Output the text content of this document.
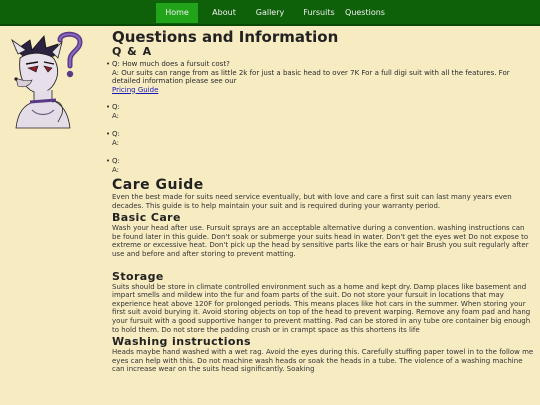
Home	About	Gallery	Fursuits	Questions
Questions and Information
Q & A
• Q: How much does a fursuit cost?
A: Our suits can range from as little 2k for just a basic head to over 7K For a full digi suit with all the features. For detailed information please see our
Pricing Guide
• Q:
A:
• Q:
A:
• Q:
A:
Care Guide

Even the best made for suits need service eventually, but with love and care a first suit can last many years even decades. This guide is to help maintain your suit and is required during your warranty period.

Basic Care

Wash your head after use. Fursuit sprays are an acceptable alternative during a convention. washing instructions can be found later in this guide. Don't soak or submerge your suits head in water. Don't get the eyes wet Do not expose to extreme or excessive heat. Don't pick up the head by sensitive parts like the ears or hair Brush you suit regularly after use and before and after storing to prevent matting.

Storage

Suits should be store in climate controlled environment such as a home and kept dry. Damp places like basement and impart smells and mildew into the fur and foam parts of the suit. Do not store your fursuit in locations that may experience heat above 120F for prolonged periods. This means places like hot cars in the summer. When storing your first suit avoid burying it. Avoid storing objects on top of the head to prevent warping. Remove any foam pad and hang your fursuit with a good supportive hanger to prevent matting. Pad can be stored in any tube ore container big enough to hold them. Do not store the padding crush or in crampt space as this shortens its life

Washing instructions

Heads maybe hand washed with a wet rag. Avoid the eyes during this. Carefully stuffing paper towel in to the follow me eyes can help with this. Do not machine wash heads or soak the heads in a tube. The violence of a washing machine can increase wear on the suits head significantly. Soaking
